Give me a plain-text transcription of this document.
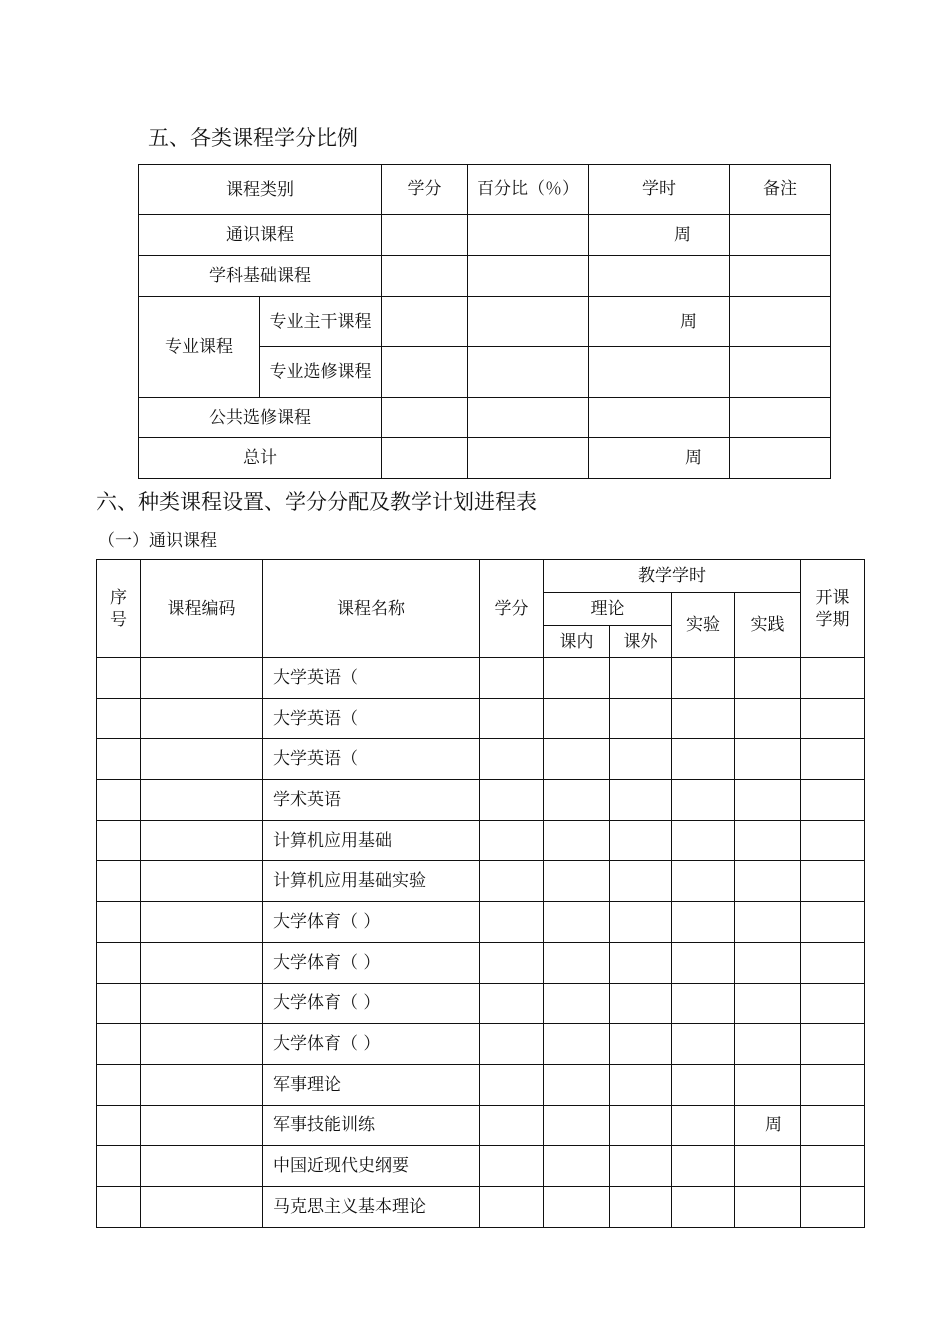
五、各类课程学分比例
课程类别		学分	百分比（％）	学时	备注
通识课程				周	
学科基础课程					
专业课程	专业主干课程			周	
	专业选修课程				
公共选修课程					
总计				周	
六、种类课程设置、学分分配及教学计划进程表
（一）通识课程
序号	课程编码	课程名称	学分	教学学时				开课学期
				理论		实验	实践	
				课内	课外			
		大学英语（						
		大学英语（						
		大学英语（						
		学术英语						
		计算机应用基础						
		计算机应用基础实验						
		大学体育（ ）						
		大学体育（ ）						
		大学体育（ ）						
		大学体育（ ）						
		军事理论						
		军事技能训练					周	
		中国近现代史纲要						
		马克思主义基本理论						
